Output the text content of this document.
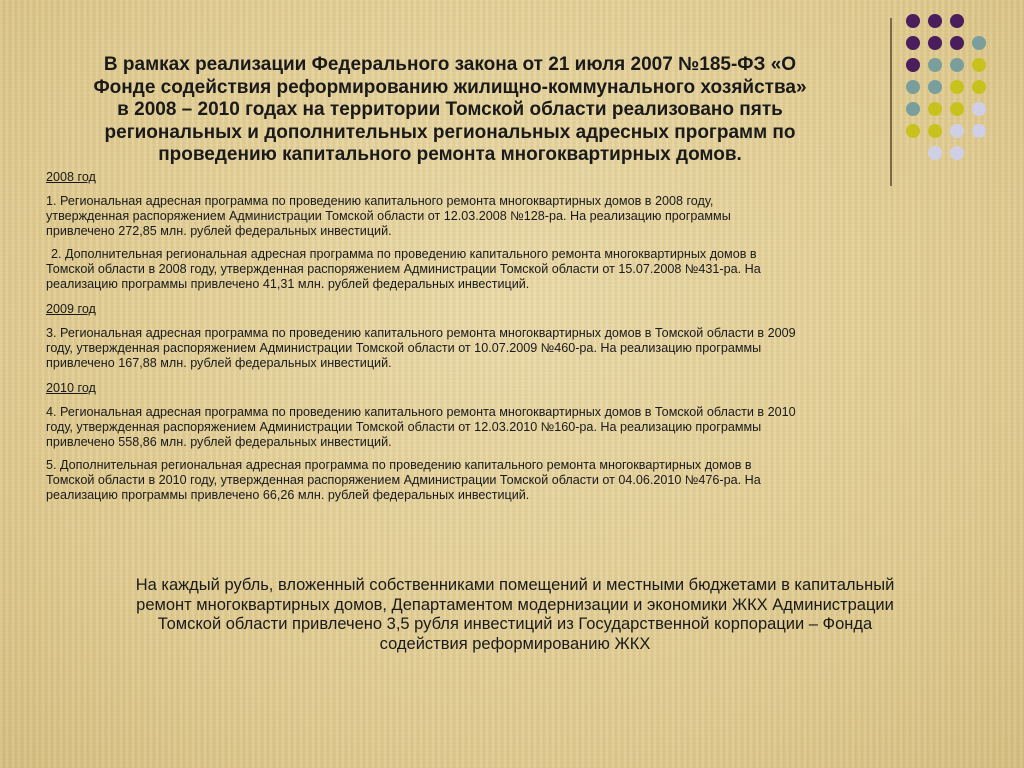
В рамках реализации Федерального закона от 21 июля 2007 №185-ФЗ «О
Фонде содействия реформированию жилищно-коммунального хозяйства»
в 2008 – 2010 годах на территории Томской области реализовано пять
региональных и дополнительных региональных адресных программ по
проведению капитального ремонта многоквартирных домов.

2008 год

1. Региональная адресная программа по проведению капитального ремонта многоквартирных домов в 2008 году,
утвержденная распоряжением Администрации Томской области от 12.03.2008 №128-ра. На реализацию программы
привлечено 272,85 млн. рублей федеральных инвестиций.

2. Дополнительная региональная адресная программа по проведению капитального ремонта многоквартирных домов в
Томской области в 2008 году, утвержденная распоряжением Администрации Томской области от 15.07.2008 №431-ра. На
реализацию программы привлечено 41,31 млн. рублей федеральных инвестиций.

2009 год

3. Региональная адресная программа по проведению капитального ремонта многоквартирных домов в Томской области в 2009
году, утвержденная распоряжением Администрации Томской области от 10.07.2009 №460-ра. На реализацию программы
привлечено 167,88 млн. рублей федеральных инвестиций.

2010 год

4. Региональная адресная программа по проведению капитального ремонта многоквартирных домов в Томской области в 2010
году, утвержденная распоряжением Администрации Томской области от 12.03.2010 №160-ра. На реализацию программы
привлечено 558,86 млн. рублей федеральных инвестиций.

5. Дополнительная региональная адресная программа по проведению капитального ремонта многоквартирных домов в
Томской области в 2010 году, утвержденная распоряжением Администрации Томской области от 04.06.2010 №476-ра. На
реализацию программы привлечено 66,26 млн. рублей федеральных инвестиций.

На каждый рубль, вложенный собственниками помещений и местными бюджетами в капитальный
ремонт многоквартирных домов, Департаментом модернизации и экономики ЖКХ Администрации
Томской области привлечено 3,5 рубля инвестиций из Государственной корпорации – Фонда
содействия реформированию ЖКХ
